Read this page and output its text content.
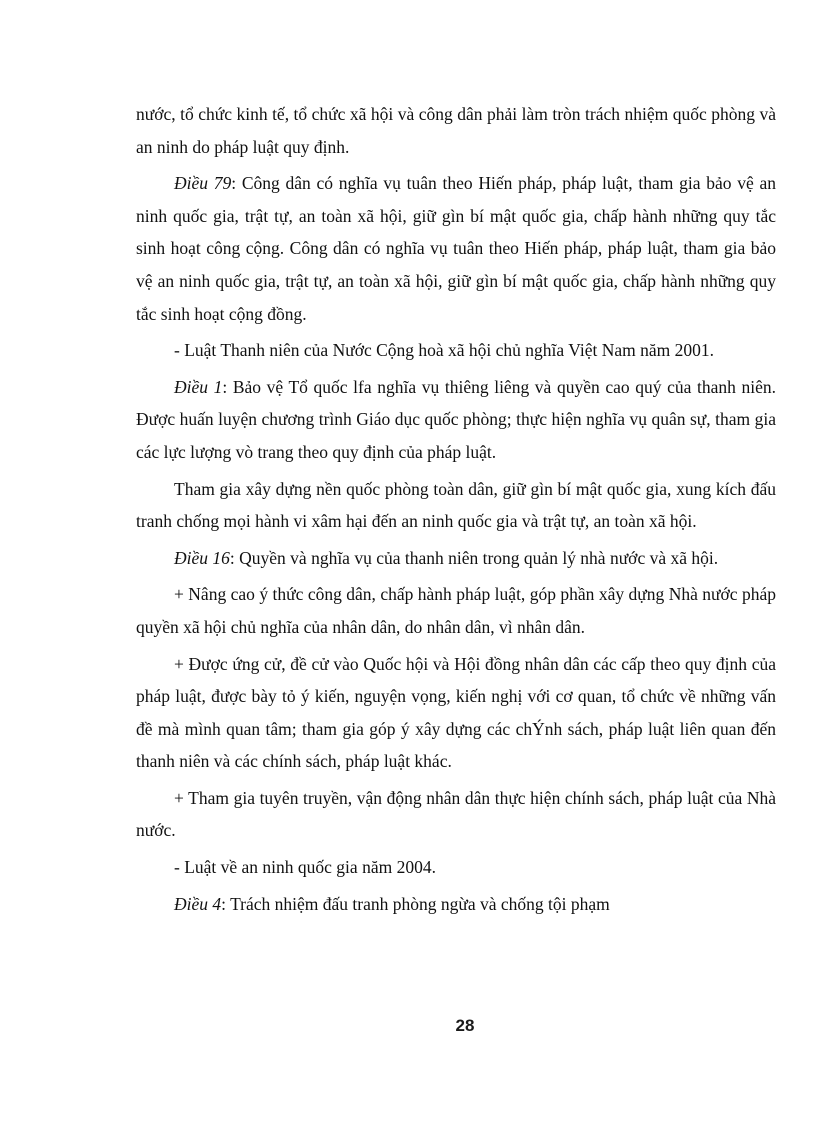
nước, tổ chức kinh tế, tổ chức xã hội và công dân phải làm tròn trách nhiệm quốc phòng và an ninh do pháp luật quy định.

Điều 79: Công dân có nghĩa vụ tuân theo Hiến pháp, pháp luật, tham gia bảo vệ an ninh quốc gia, trật tự, an toàn xã hội, giữ gìn bí mật quốc gia, chấp hành những quy tắc sinh hoạt công cộng. Công dân có nghĩa vụ tuân theo Hiến pháp, pháp luật, tham gia bảo vệ an ninh quốc gia, trật tự, an toàn xã hội, giữ gìn bí mật quốc gia, chấp hành những quy tắc sinh hoạt cộng đồng.

- Luật Thanh niên của Nước Cộng hoà xã hội chủ nghĩa Việt Nam năm 2001.

Điều 1: Bảo vệ Tổ quốc lfa nghĩa vụ thiêng liêng và quyền cao quý của thanh niên. Được huấn luyện chương trình Giáo dục quốc phòng; thực hiện nghĩa vụ quân sự, tham gia các lực lượng vò trang theo quy định của pháp luật.

Tham gia xây dựng nền quốc phòng toàn dân, giữ gìn bí mật quốc gia, xung kích đấu tranh chống mọi hành vi xâm hại đến an ninh quốc gia và trật tự, an toàn xã hội.

Điều 16: Quyền và nghĩa vụ của thanh niên trong quản lý nhà nước và xã hội.

+ Nâng cao ý thức công dân, chấp hành pháp luật, góp phần xây dựng Nhà nước pháp quyền xã hội chủ nghĩa của nhân dân, do nhân dân, vì nhân dân.

+ Được ứng cử, đề cử vào Quốc hội và Hội đồng nhân dân các cấp theo quy định của pháp luật, được bày tỏ ý kiến, nguyện vọng, kiến nghị với cơ quan, tổ chức về những vấn đề mà mình quan tâm; tham gia góp ý xây dựng các chÝnh sách, pháp luật liên quan đến thanh niên và các chính sách, pháp luật khác.

+ Tham gia tuyên truyền, vận động nhân dân thực hiện chính sách, pháp luật của Nhà nước.

- Luật về an ninh quốc gia năm 2004.

Điều 4: Trách nhiệm đấu tranh phòng ngừa và chống tội phạm

28
